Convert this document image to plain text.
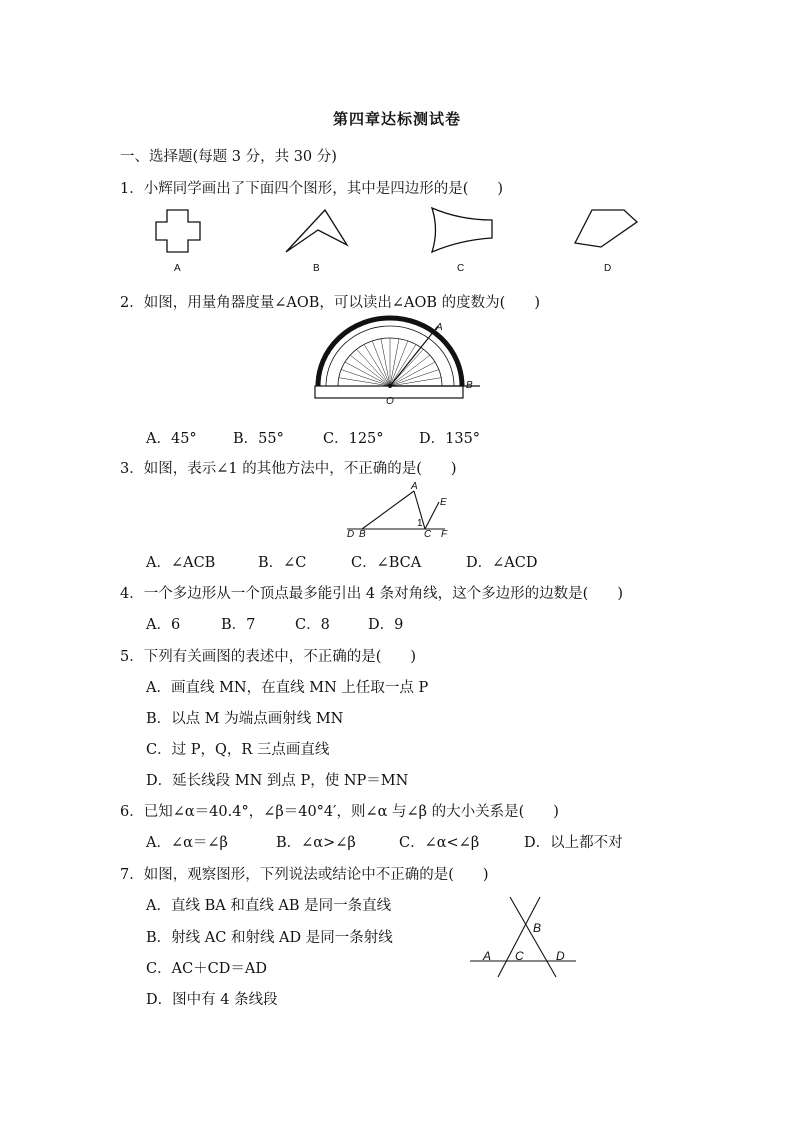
第四章达标测试卷
一、选择题(每题 3 分，共 30 分)
1．小辉同学画出了下面四个图形，其中是四边形的是(　　)
A	B	C	D
2．如图，用量角器度量∠AOB，可以读出∠AOB 的度数为(　　)
A
B
O
A．45°	B．55°	C．125° D．135°
3．如图，表示∠1 的其他方法中，不正确的是(　　)
A
E
D B
1
C F
A．∠ACB	B．∠C	C．∠BCA	D．∠ACD
4．一个多边形从一个顶点最多能引出 4 条对角线，这个多边形的边数是(　　)
A．6	B．7	C．8	D．9
5．下列有关画图的表述中，不正确的是(　　)
A．画直线 MN，在直线 MN 上任取一点 P
B．以点 M 为端点画射线 MN
C．过 P，Q，R 三点画直线
D．延长线段 MN 到点 P，使 NP＝MN
6．已知∠α＝40.4°，∠β＝40°4′，则∠α 与∠β 的大小关系是(　　)
A．∠α＝∠β	B．∠α>∠β	C．∠α<∠β	D．以上都不对
7．如图，观察图形，下列说法或结论中不正确的是(　　)
A．直线 BA 和直线 AB 是同一条直线
B．射线 AC 和射线 AD 是同一条射线
C．AC＋CD＝AD
D．图中有 4 条线段
B
A C	D
